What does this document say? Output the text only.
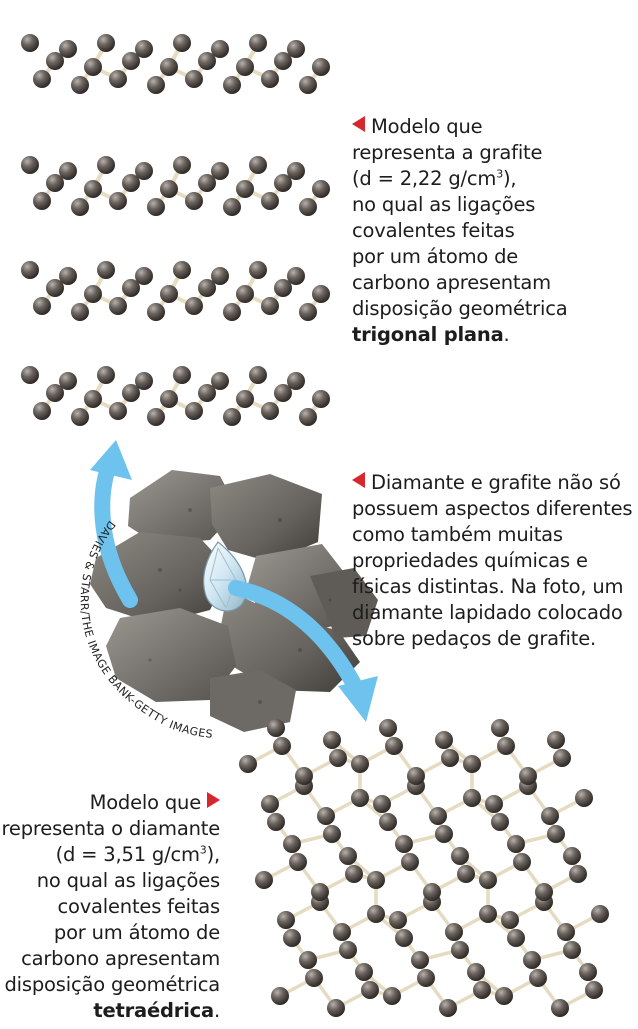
Modelo que
representa a grafite
(d = 2,22 $g/cm^3$),
no qual as ligações
covalentes feitas
por um átomo de
carbono apresentam
disposição geométrica
trigonal plana.
DAVIES & STARR/THE IMAGE BANK-GETTY IMAGES
Diamante e grafite não só
possuem aspectos diferentes
como também muitas
propriedades químicas e
físicas distintas. Na foto, um
diamante lapidado colocado
sobre pedaços de grafite.
Modelo que
representa o diamante
(d = 3,51 $g/cm^3$),
no qual as ligações
covalentes feitas
por um átomo de
carbono apresentam
disposição geométrica
tetraédrica.
